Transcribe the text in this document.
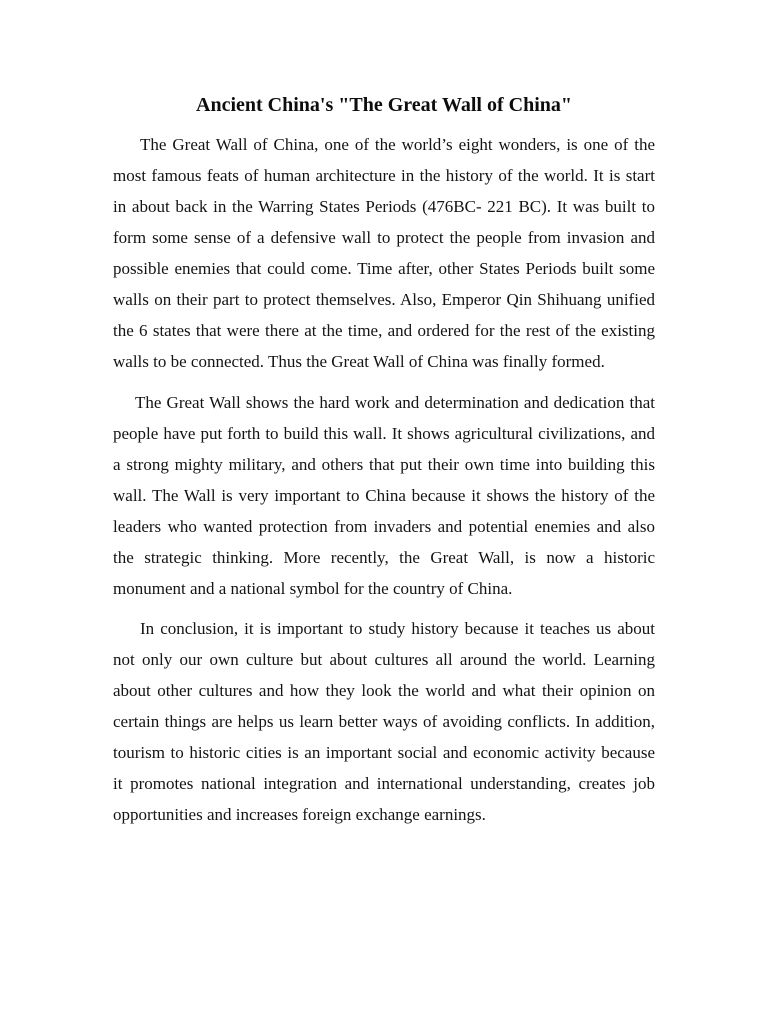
Ancient China's "The Great Wall of China"
The Great Wall of China, one of the world’s eight wonders, is one of the
most famous feats of human architecture in the history of the world. It is start
in about back in the Warring States Periods (476BC- 221 BC). It was built to
form some sense of a defensive wall to protect the people from invasion and
possible enemies that could come. Time after, other States Periods built some
walls on their part to protect themselves. Also, Emperor Qin Shihuang unified
the 6 states that were there at the time, and ordered for the rest of the existing
walls to be connected. Thus the Great Wall of China was finally formed.
The Great Wall shows the hard work and determination and dedication that
people have put forth to build this wall. It shows agricultural civilizations, and
a strong mighty military, and others that put their own time into building this
wall. The Wall is very important to China because it shows the history of the
leaders who wanted protection from invaders and potential enemies and also
the strategic thinking. More recently, the Great Wall, is now a historic
monument and a national symbol for the country of China.
In conclusion, it is important to study history because it teaches us about
not only our own culture but about cultures all around the world. Learning
about other cultures and how they look the world and what their opinion on
certain things are helps us learn better ways of avoiding conflicts. In addition,
tourism to historic cities is an important social and economic activity because
it promotes national integration and international understanding, creates job
opportunities and increases foreign exchange earnings.
